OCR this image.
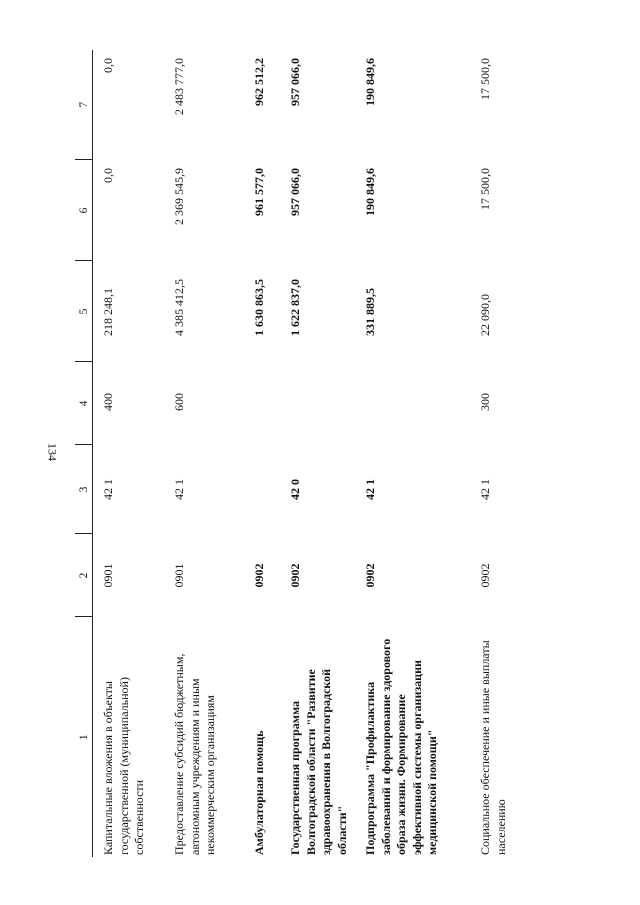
134
1	2	3	4	5	6	7
Капитальные вложения в объекты государственной (муниципальной) собственности	0901	42 1	400	218 248,1	0,0	0,0
Предоставление субсидий бюджетным, автономным учреждениям и иным некоммерческим организациям	0901	42 1	600	4 385 412,5	2 369 545,9	2 483 777,0
Амбулаторная помощь	0902			1 630 863,5	961 577,0	962 512,2
Государственная программа Волгоградской области "Развитие здравоохранения в Волгоградской области"	0902	42 0		1 622 837,0	957 066,0	957 066,0
Подпрограмма "Профилактика заболеваний и формирование здорового образа жизни. Формирование эффективной системы организации медицинской помощи"	0902	42 1		331 889,5	190 849,6	190 849,6
Социальное обеспечение и иные выплаты населению	0902	42 1	300	22 090,0	17 500,0	17 500,0
